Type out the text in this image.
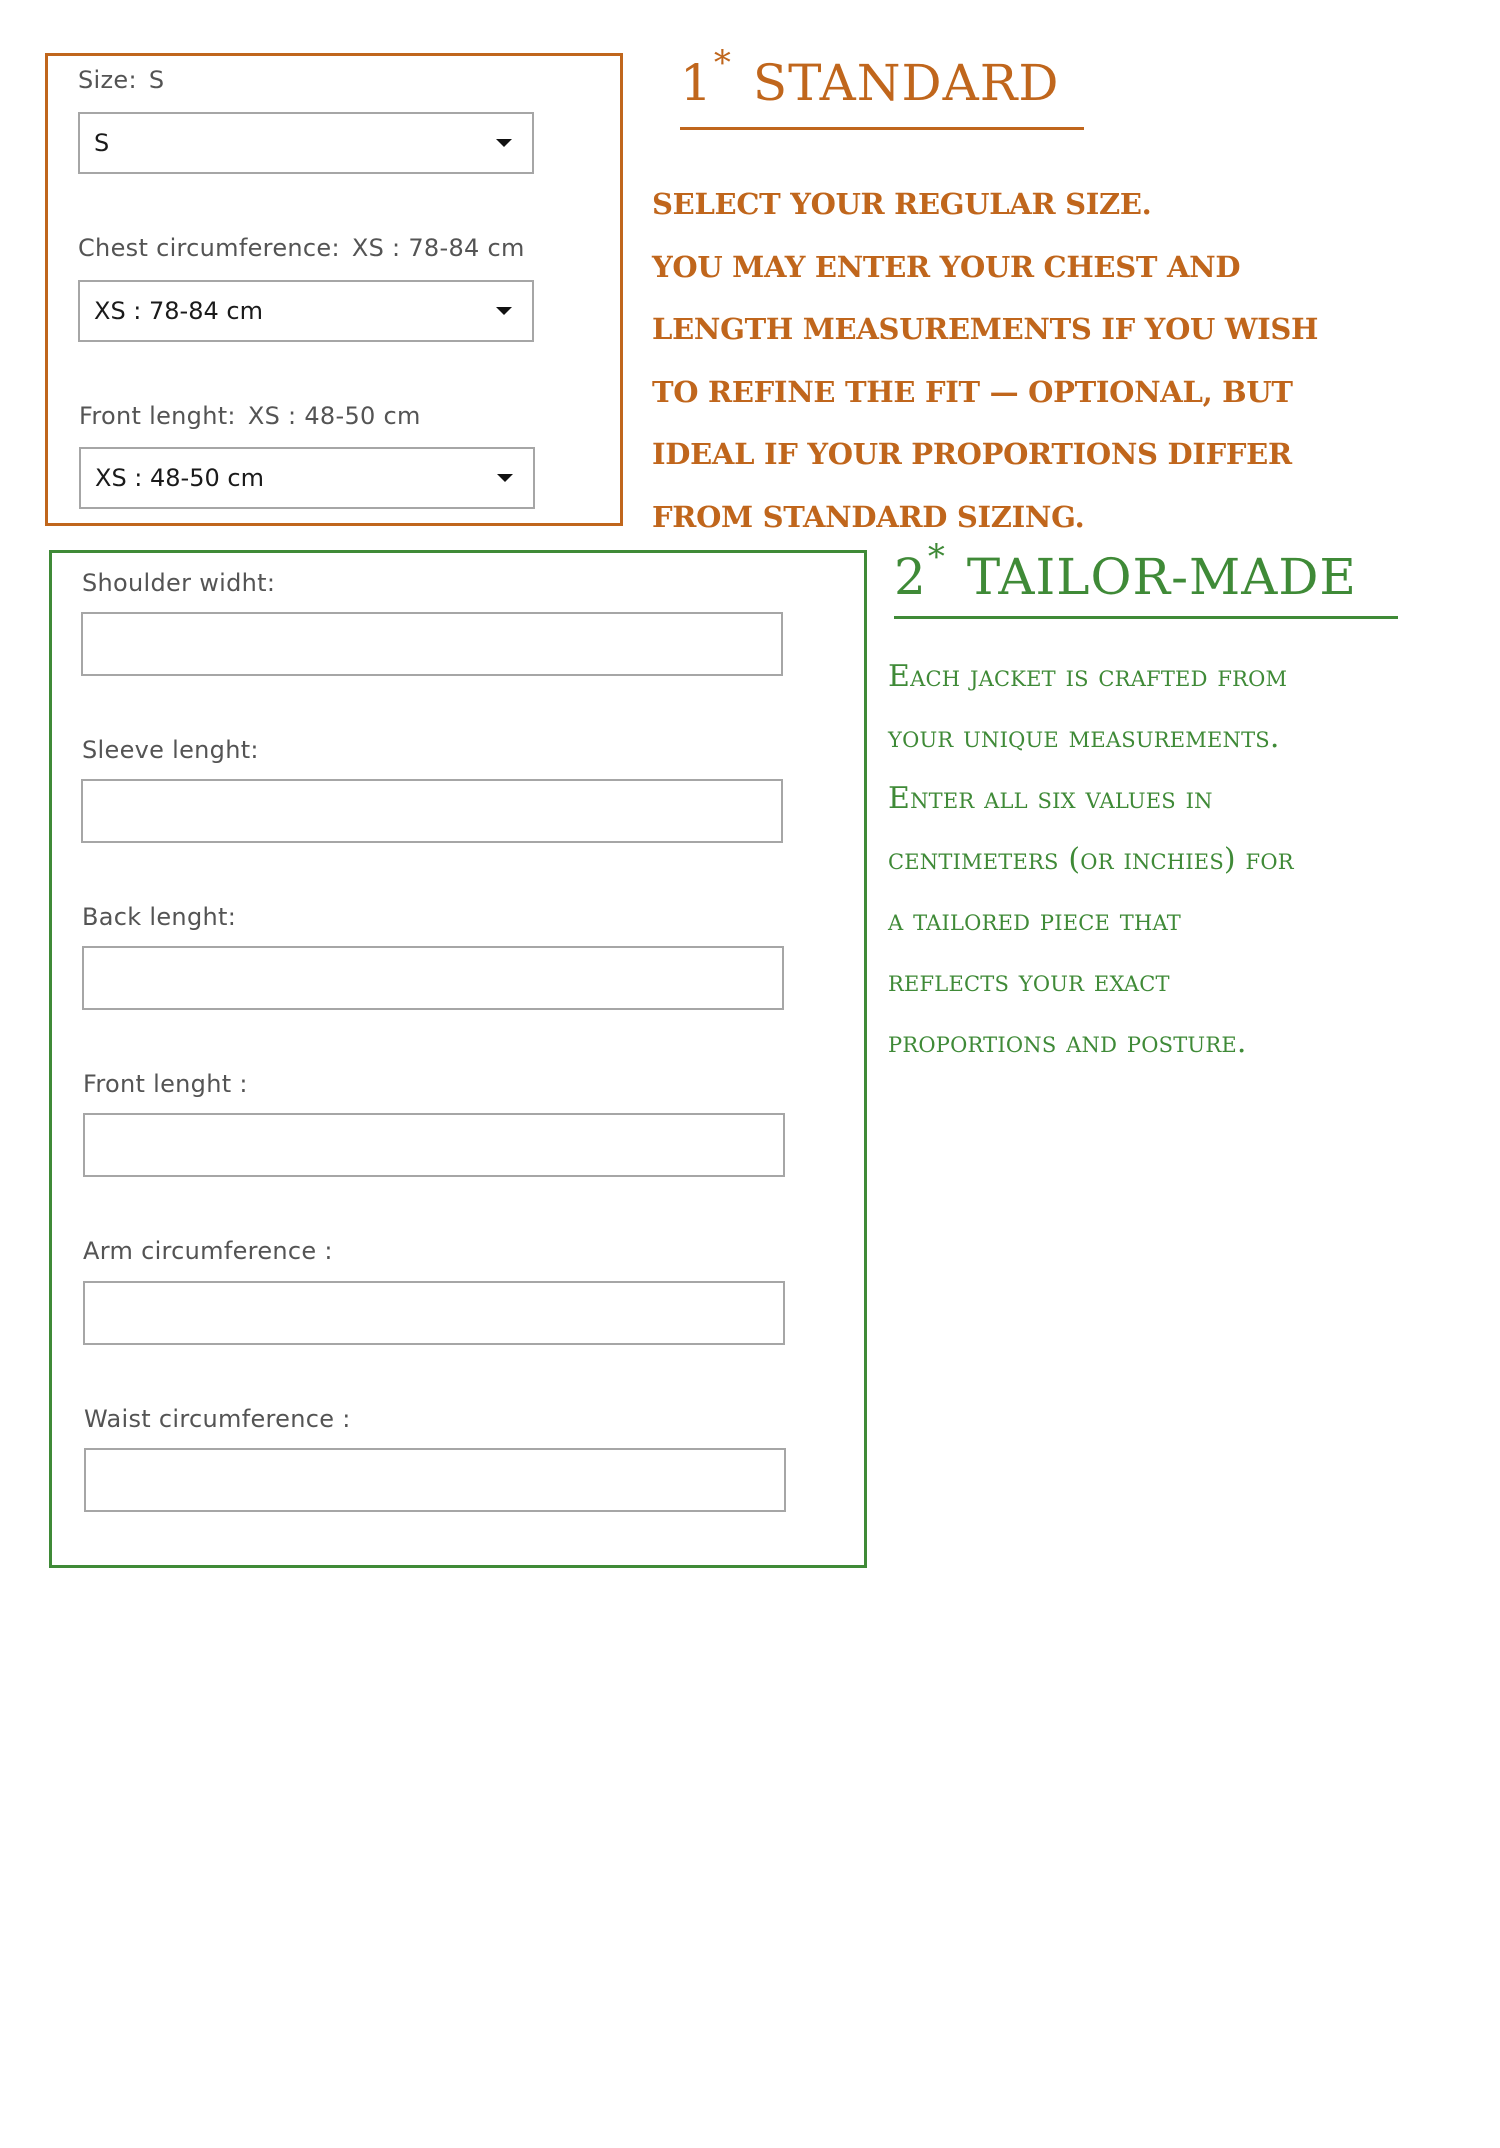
Size: S
S
Chest circumference: XS : 78-84 cm
XS : 78-84 cm
Front lenght: XS : 48-50 cm
XS : 48-50 cm
1* STANDARD
SELECT YOUR REGULAR SIZE.
YOU MAY ENTER YOUR CHEST AND
LENGTH MEASUREMENTS IF YOU WISH
TO REFINE THE FIT — OPTIONAL, BUT
IDEAL IF YOUR PROPORTIONS DIFFER
FROM STANDARD SIZING.
Shoulder widht:
Sleeve lenght:
Back lenght:
Front lenght :
Arm circumference :
Waist circumference :
2* TAILOR-MADE
Each jacket is crafted from
your unique measurements.
Enter all six values in
centimeters (or inchies) for
a tailored piece that
reflects your exact
proportions and posture.
